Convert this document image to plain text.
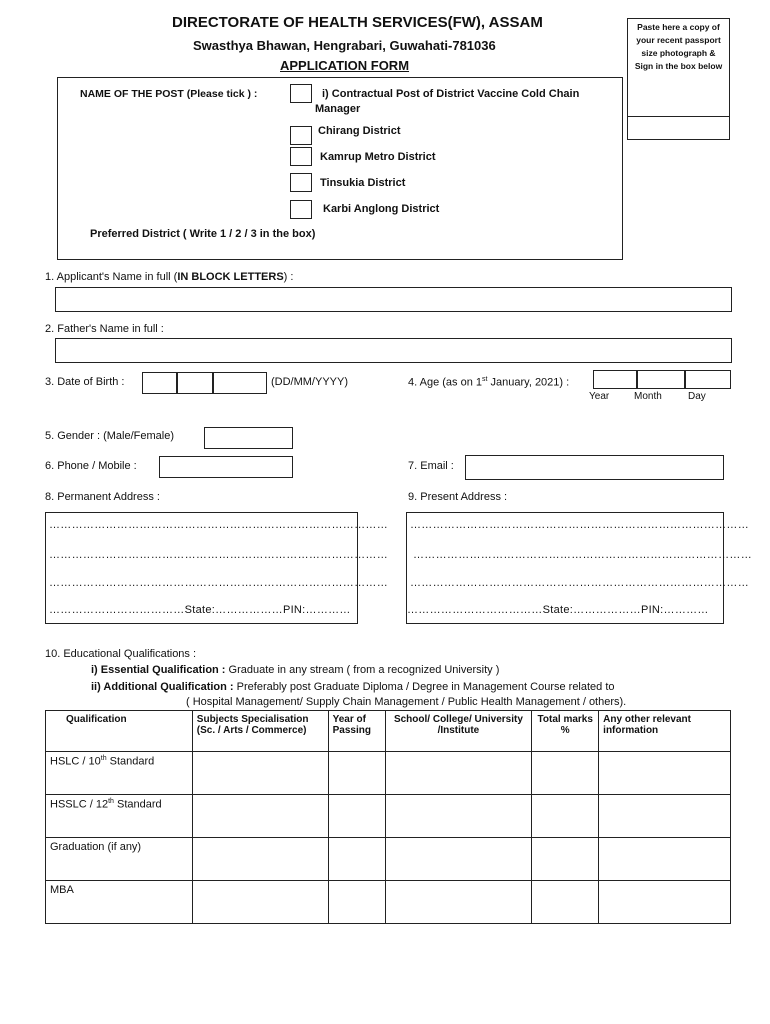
DIRECTORATE OF HEALTH SERVICES(FW), ASSAM
Swasthya Bhawan, Hengrabari, Guwahati-781036
APPLICATION FORM
Paste here a copy of your recent passport size photograph & Sign in the box below
NAME OF THE POST (Please tick ) :	i) Contractual Post of District Vaccine Cold Chain
Manager
Chirang District
Kamrup Metro District
Tinsukia District
Karbi Anglong District
Preferred District ( Write 1 / 2 / 3 in the box)
1. Applicant's Name in full (IN BLOCK LETTERS) :
2. Father's Name in full :
3. Date of Birth :	(DD/MM/YYYY)	4. Age (as on 1st January, 2021) :
Year Month	Day
5. Gender : (Male/Female)
6. Phone / Mobile :	7. Email :
8. Permanent Address :
………………………………………………………………………………
………………………………………………………………………………
………………………………………………………………………………
………………………………State:………………PIN:…………
9. Present Address :
………………………………………………………………………………
………………………………………………………………………………
………………………………………………………………………………
………………………………State:………………PIN:…………
10. Educational Qualifications :
i) Essential Qualification : Graduate in any stream ( from a recognized University )
ii) Additional Qualification : Preferably post Graduate Diploma / Degree in Management Course related to
( Hospital Management/ Supply Chain Management / Public Health Management / others).
Qualification	Subjects Specialisation (Sc. / Arts / Commerce)	Year of Passing	School/ College/ University /Institute	Total marks %	Any other relevant information
HSLC / 10th Standard					
HSSLC / 12th Standard					
Graduation (if any)					
MBA					
